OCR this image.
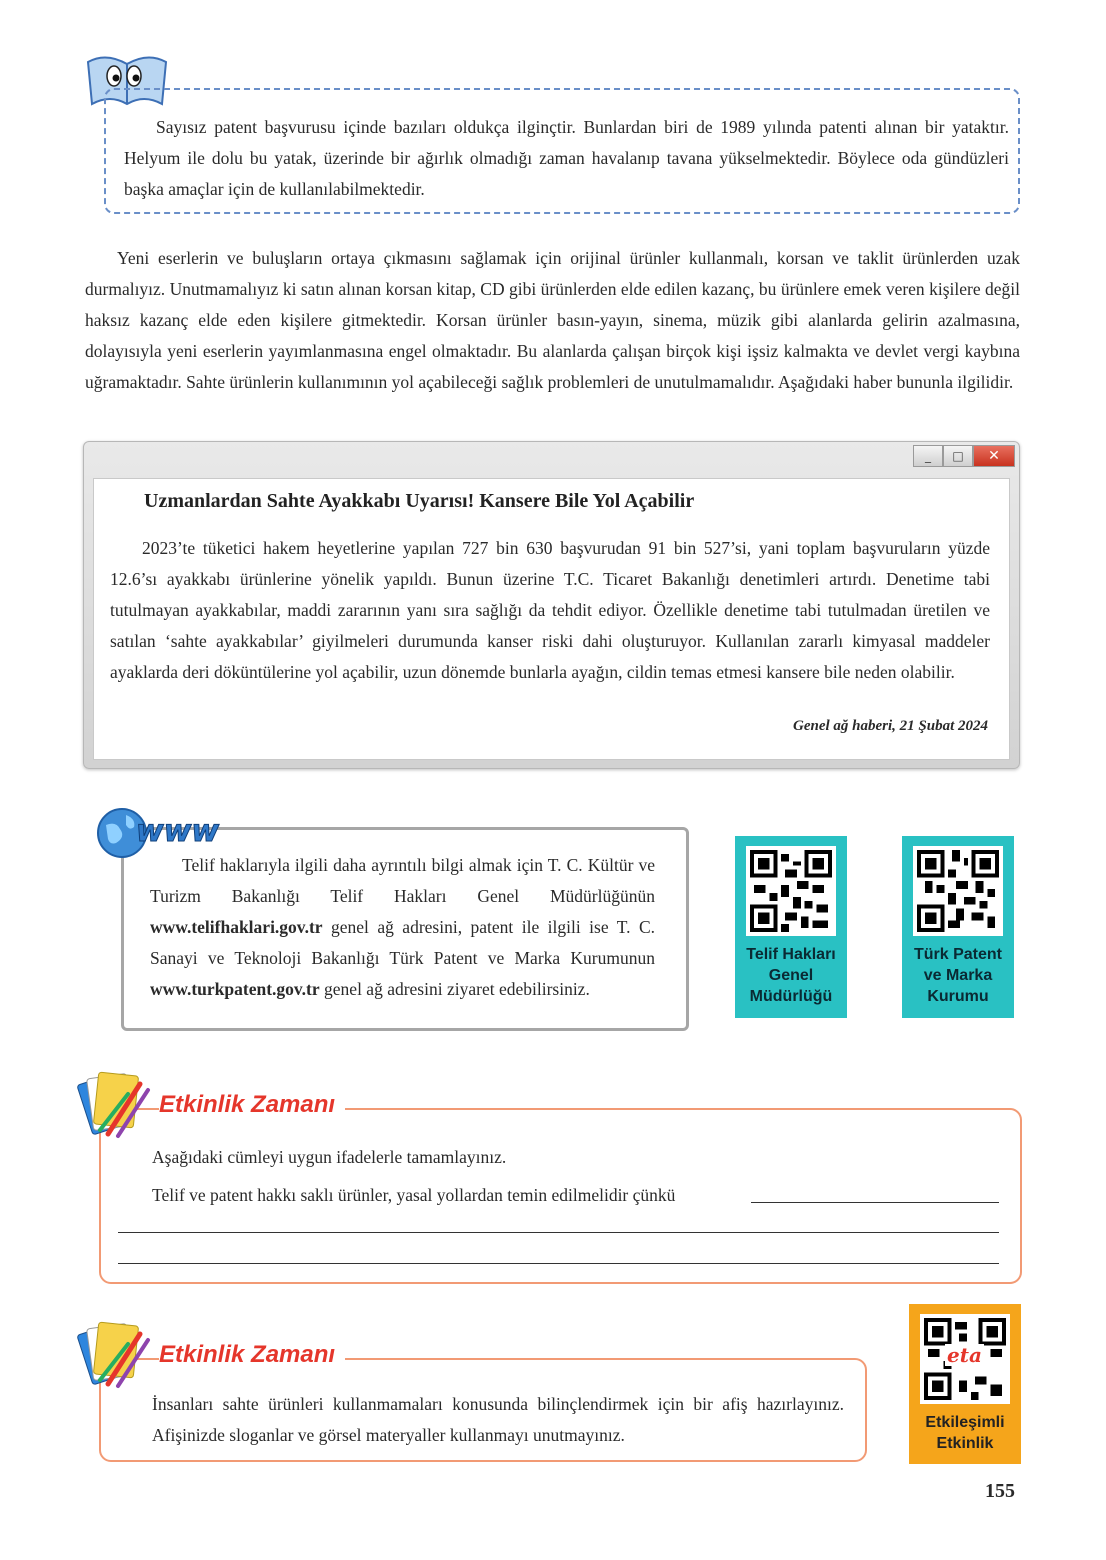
Sayısız patent başvurusu içinde bazıları oldukça ilginçtir. Bunlardan biri de 1989 yılında patenti alınan bir yataktır. Helyum ile dolu bu yatak, üzerinde bir ağırlık olmadığı zaman havalanıp tavana yükselmektedir. Böylece oda gündüzleri başka amaçlar için de kullanılabilmektedir.

Yeni eserlerin ve buluşların ortaya çıkmasını sağlamak için orijinal ürünler kullanmalı, korsan ve taklit ürünlerden uzak durmalıyız. Unutmamalıyız ki satın alınan korsan kitap, CD gibi ürünlerden elde edilen kazanç, bu ürünlere emek veren kişilere değil haksız kazanç elde eden kişilere gitmektedir. Korsan ürünler basın-yayın, sinema, müzik gibi alanlarda gelirin azalmasına, dolayısıyla yeni eserlerin yayımlanmasına engel olmaktadır. Bu alanlarda çalışan birçok kişi işsiz kalmakta ve devlet vergi kaybına uğramaktadır. Sahte ürünlerin kullanımının yol açabileceği sağlık problemleri de unutulmamalıdır. Aşağıdaki haber bununla ilgilidir.

_	□	✕
Uzmanlardan Sahte Ayakkabı Uyarısı! Kansere Bile Yol Açabilir

2023’te tüketici hakem heyetlerine yapılan 727 bin 630 başvurudan 91 bin 527’si, yani toplam başvuruların yüzde 12.6’sı ayakkabı ürünlerine yönelik yapıldı. Bunun üzerine T.C. Ticaret Bakanlığı denetimleri artırdı. Denetime tabi tutulmayan ayakkabılar, maddi zararının yanı sıra sağlığı da tehdit ediyor. Özellikle denetime tabi tutulmadan üretilen ve satılan ‘sahte ayakkabılar’ giyilmeleri durumunda kanser riski dahi oluşturuyor. Kullanılan zararlı kimyasal maddeler ayaklarda deri döküntülerine yol açabilir, uzun dönemde bunlarla ayağın, cildin temas etmesi kansere bile neden olabilir.

Genel ağ haberi, 21 Şubat 2024
www

Telif haklarıyla ilgili daha ayrıntılı bilgi almak için T. C. Kültür ve Turizm Bakanlığı Telif Hakları Genel Müdürlüğünün www.telifhaklari.gov.tr genel ağ adresini, patent ile ilgili ise T. C. Sanayi ve Teknoloji Bakanlığı Türk Patent ve Marka Kurumunun www.turkpatent.gov.tr genel ağ adresini ziyaret edebilirsiniz.

Telif Hakları
Genel
Müdürlüğü
Türk Patent
ve Marka
Kurumu
Etkinlik Zamanı

Aşağıdaki cümleyi uygun ifadelerle tamamlayınız.

Telif ve patent hakkı saklı ürünler, yasal yollardan temin edilmelidir çünkü

Etkinlik Zamanı

İnsanları sahte ürünleri kullanmamaları konusunda bilinçlendirmek için bir afiş hazırlayınız. Afişinizde sloganlar ve görsel materyaller kullanmayı unutmayınız.

eta
Etkileşimli
Etkinlik
155
